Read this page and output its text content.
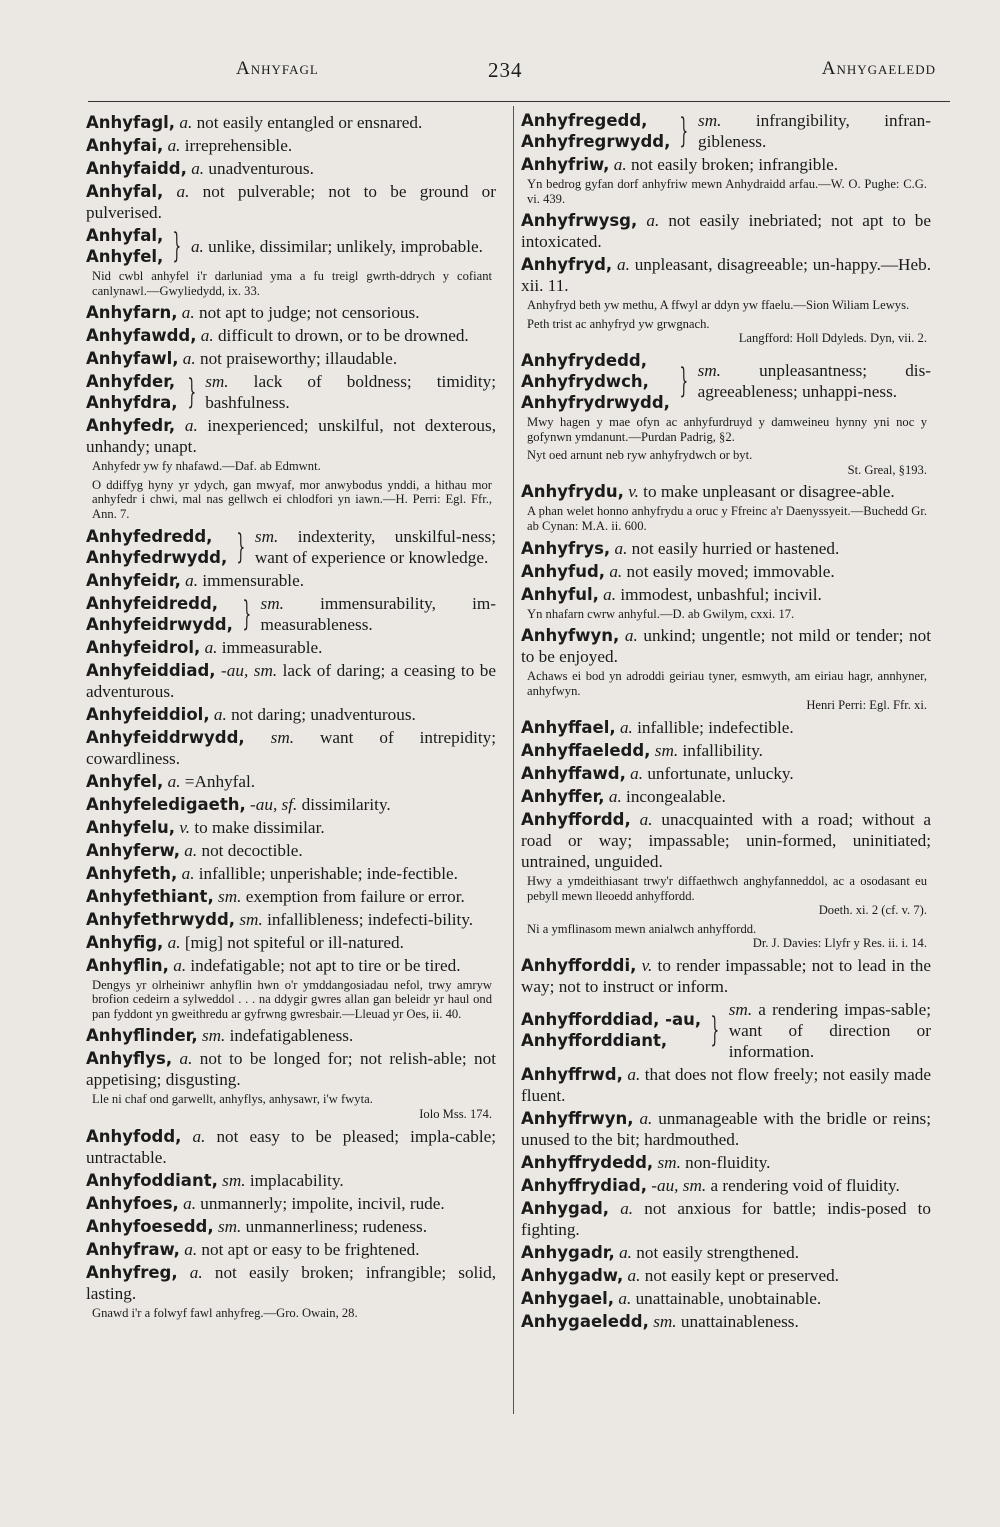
Anhyfagl	234	Anhygaeledd
Anhyfagl, a. not easily entangled or ensnared.
Anhyfai, a. irreprehensible.
Anhyfaidd, a. unadventurous.
Anhyfal, a. not pulverable; not to be ground or pulverised.
Anhyfal,
Anhyfel, } a. unlike, dissimilar; unlikely, improbable.
Nid cwbl anhyfel i'r darluniad yma a fu treigl gwrth-ddrych y cofiant canlynawl.—Gwyliedydd, ix. 33.
Anhyfarn, a. not apt to judge; not censorious.
Anhyfawdd, a. difficult to drown, or to be drowned.
Anhyfawl, a. not praiseworthy; illaudable.
Anhyfder,
Anhyfdra, } sm. lack of boldness; timidity; bashfulness.
Anhyfedr, a. inexperienced; unskilful, not dexterous, unhandy; unapt.
Anhyfedr yw fy nhafawd.—Daf. ab Edmwnt.
O ddiffyg hyny yr ydych, gan mwyaf, mor anwybodus ynddi, a hithau mor anhyfedr i chwi, mal nas gellwch ei chlodfori yn iawn.—H. Perri: Egl. Ffr., Ann. 7.
Anhyfedredd,
Anhyfedrwydd, } sm. indexterity, unskilful-ness; want of experience or knowledge.
Anhyfeidr, a. immensurable.
Anhyfeidredd,
Anhyfeidrwydd, } sm. immensurability, im-measurableness.
Anhyfeidrol, a. immeasurable.
Anhyfeiddiad, -au, sm. lack of daring; a ceasing to be adventurous.
Anhyfeiddiol, a. not daring; unadventurous.
Anhyfeiddrwydd, sm. want of intrepidity; cowardliness.
Anhyfel, a. =Anhyfal.
Anhyfeledigaeth, -au, sf. dissimilarity.
Anhyfelu, v. to make dissimilar.
Anhyferw, a. not decoctible.
Anhyfeth, a. infallible; unperishable; inde-fectible.
Anhyfethiant, sm. exemption from failure or error.
Anhyfethrwydd, sm. infallibleness; indefecti-bility.
Anhyfig, a. [mig] not spiteful or ill-natured.
Anhyflin, a. indefatigable; not apt to tire or be tired.
Dengys yr olrheiniwr anhyflin hwn o'r ymddangosiadau nefol, trwy amryw brofion cedeirn a sylweddol . . . na ddygir gwres allan gan beleidr yr haul ond pan fyddont yn gweithredu ar gyfrwng gwresbair.—Lleuad yr Oes, ii. 40.
Anhyflinder, sm. indefatigableness.
Anhyflys, a. not to be longed for; not relish-able; not appetising; disgusting.
Lle ni chaf ond garwellt, anhyflys, anhysawr, i'w fwyta.
Iolo Mss. 174.
Anhyfodd, a. not easy to be pleased; impla-cable; untractable.
Anhyfoddiant, sm. implacability.
Anhyfoes, a. unmannerly; impolite, incivil, rude.
Anhyfoesedd, sm. unmannerliness; rudeness.
Anhyfraw, a. not apt or easy to be frightened.
Anhyfreg, a. not easily broken; infrangible; solid, lasting.
Gnawd i'r a folwyf fawl anhyfreg.—Gro. Owain, 28.
Anhyfregedd,
Anhyfregrwydd, } sm. infrangibility, infran-gibleness.
Anhyfriw, a. not easily broken; infrangible.
Yn bedrog gyfan dorf anhyfriw mewn Anhydraidd arfau.—W. O. Pughe: C.G. vi. 439.
Anhyfrwysg, a. not easily inebriated; not apt to be intoxicated.
Anhyfryd, a. unpleasant, disagreeable; un-happy.—Heb. xii. 11.
Anhyfryd beth yw methu, A ffwyl ar ddyn yw ffaelu.—Sion Wiliam Lewys.
Peth trist ac anhyfryd yw grwgnach.
Langfford: Holl Ddyleds. Dyn, vii. 2.
Anhyfrydedd,
Anhyfrydwch,
Anhyfrydrwydd,
} sm. unpleasantness; dis-agreeableness; unhappi-ness.
Mwy hagen y mae ofyn ac anhyfurdruyd y damweineu hynny yni noc y gofynwn ymdanunt.—Purdan Padrig, §2.
Nyt oed arnunt neb ryw anhyfrydwch or byt.
St. Greal, §193.
Anhyfrydu, v. to make unpleasant or disagree-able.
A phan welet honno anhyfrydu a oruc y Ffreinc a'r Daenyssyeit.—Buchedd Gr. ab Cynan: M.A. ii. 600.
Anhyfrys, a. not easily hurried or hastened.
Anhyfud, a. not easily moved; immovable.
Anhyful, a. immodest, unbashful; incivil.
Yn nhafarn cwrw anhyful.—D. ab Gwilym, cxxi. 17.
Anhyfwyn, a. unkind; ungentle; not mild or tender; not to be enjoyed.
Achaws ei bod yn adroddi geiriau tyner, esmwyth, am eiriau hagr, annhyner, anhyfwyn.
Henri Perri: Egl. Ffr. xi.
Anhyffael, a. infallible; indefectible.
Anhyffaeledd, sm. infallibility.
Anhyffawd, a. unfortunate, unlucky.
Anhyffer, a. incongealable.
Anhyffordd, a. unacquainted with a road; without a road or way; impassable; unin-formed, uninitiated; untrained, unguided.
Hwy a ymdeithiasant trwy'r diffaethwch anghyfanneddol, ac a osodasant eu pebyll mewn lleoedd anhyffordd.
Doeth. xi. 2 (cf. v. 7).
Ni a ymflinasom mewn anialwch anhyffordd.
Dr. J. Davies: Llyfr y Res. ii. i. 14.
Anhyfforddi, v. to render impassable; not to lead in the way; not to instruct or inform.
Anhyfforddiad, -au,
Anhyfforddiant,	}
sm. a rendering impas-sable; want of direction or information.
Anhyffrwd, a. that does not flow freely; not easily made fluent.
Anhyffrwyn, a. unmanageable with the bridle or reins; unused to the bit; hardmouthed.
Anhyffrydedd, sm. non-fluidity.
Anhyffrydiad, -au, sm. a rendering void of fluidity.
Anhygad, a. not anxious for battle; indis-posed to fighting.
Anhygadr, a. not easily strengthened.
Anhygadw, a. not easily kept or preserved.
Anhygael, a. unattainable, unobtainable.
Anhygaeledd, sm. unattainableness.
